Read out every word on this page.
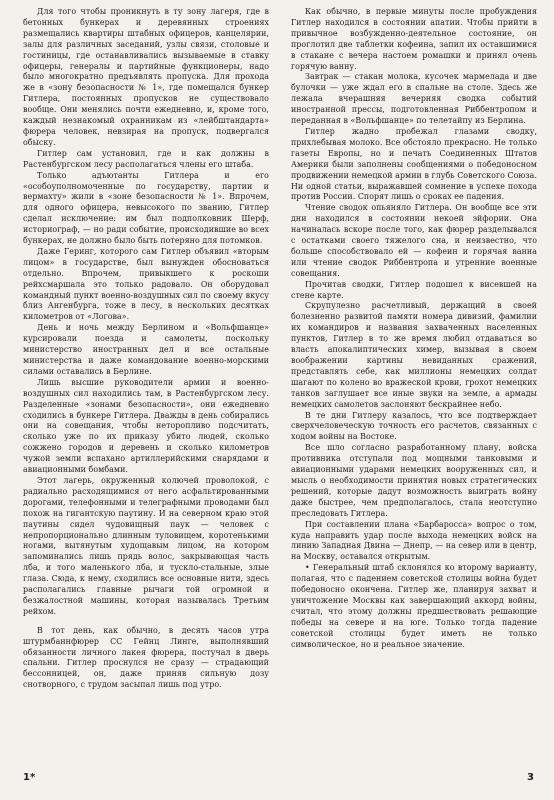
Для того чтобы проникнуть в ту зону лагеря, где в бетонных бункерах и деревянных строениях размещались квартиры штабных офицеров, канцелярии, залы для различных заседаний, узлы связи, столовые и гостиницы, где останавливались вызываемые в ставку офицеры, генералы и партийные функционеры, надо было многократно предъявлять пропуска. Для прохода же в «зону безопасности № 1», где помещался бункер Гитлера, постоянных пропусков не существовало вообще. Они менялись почти ежедневно, и, кроме того, каждый незнакомый охранникам из «лейбштандарта» фюрера человек, невзирая на пропуск, подвергался обыску.

Гитлер сам установил, где и как должны в Растенбургском лесу располагаться члены его штаба.

Только адъютанты Гитлера и его «особоуполномоченные по государству, партии и вермахту» жили в «зоне безопасности № 1». Впрочем, для одного офицера, невысокого по званию, Гитлер сделал исключение: им был подполковник Шерф, историограф, — но ради событие, происходившие во всех бункерах, не должно было быть потеряно для потомков.

Даже Геринг, которого сам Гитлер объявил «вторым лицом» в государстве, был вынужден обосноваться отдельно. Впрочем, привыкшего к роскоши рейхсмаршала это только радовало. Он оборудовал командный пункт военно-воздушных сил по своему вкусу близ Ангенбурга, тоже в лесу, в нескольких десятках километров от «Логова».

День и ночь между Берлином и «Вольфшанце» курсировали поезда и самолеты, поскольку министерство иностранных дел и все остальные министерства и даже командование военно-морскими силами оставались в Берлине.

Лишь высшие руководители армии и военно-воздушных сил находились там, в Растенбургском лесу. Разделенные «зонами безопасности», они ежедневно сходились в бункере Гитлера. Дважды в день собирались они на совещания, чтобы неторопливо подсчитать, сколько уже по их приказу убито людей, сколько сожжено городов и деревень и сколько километров чужой земли вспахано артиллерийскими снарядами и авиационными бомбами.

Этот лагерь, окруженный колючей проволокой, с радиально расходящимися от него асфальтированными дорогами, телефонными и телеграфными проводами был похож на гигантскую паутину. И на северном краю этой паутины сидел чудовищный паук — человек с непропорционально длинным туловищем, коротенькими ногами, вытянутым худощавым лицом, на котором запоминались лишь прядь волос, закрывающая часть лба, и того маленького лба, и тускло-стальные, злые глаза. Сюда, к нему, сходились все основные нити, здесь располагались главные рычаги той огромной и безжалостной машины, которая называлась Третьим рейхом.

В тот день, как обычно, в десять часов утра штурмбаннфюрер СС Гейнц Линге, выполнявший обязанности личного лакея фюрера, постучал в дверь спальни. Гитлер проснулся не сразу — страдающий бессонницей, он, даже приняв сильную дозу снотворного, с трудом засыпал лишь под утро.

Как обычно, в первые минуты после пробуждения Гитлер находился в состоянии апатии. Чтобы прийти в привычное возбужденно-деятельное состояние, он проглотил две таблетки кофеина, запил их оставшимися в стакане с вечера настоем ромашки и принял очень горячую ванну.

Завтрак — стакан молока, кусочек мармелада и две булочки — уже ждал его в спальне на столе. Здесь же лежала вчерашняя вечерняя сводка событий иностранной прессы, подготовленная Риббентропом и переданная в «Вольфшанце» по телетайпу из Берлина.

Гитлер жадно пробежал глазами сводку, прихлебывая молоко. Все обстояло прекрасно. Не только газеты Европы, но и печать Соединенных Штатов Америки были заполнены сообщениями о победоносном продвижении немецкой армии в глубь Советского Союза. Ни одной статьи, выражавшей сомнение в успехе похода против России. Спорят лишь о сроках ее падения.

Чтение сводок опьяняло Гитлера. Он вообще все эти дни находился в состоянии некоей эйфории. Она начиналась вскоре после того, как фюрер разделывался с остатками своего тяжелого сна, и неизвестно, что больше способствовало ей — кофеин и горячая ванна или чтение сводок Риббентропа и утренние военные совещания.

Прочитав сводки, Гитлер подошел к висевшей на стене карте.

Скрупулезно расчетливый, держащий в своей болезненно развитой памяти номера дивизий, фамилии их командиров и названия захваченных населенных пунктов, Гитлер в то же время любил отдаваться во власть апокалиптических химер, вызывая в своем воображении картины невиданных сражений, представлять себе, как миллионы немецких солдат шагают по колено во вражеской крови, грохот немецких танков заглушает все иные звуки на земле, а армады немецких самолетов заслоняют бескрайнее небо.

В те дни Гитлеру казалось, что все подтверждает сверхчеловеческую точность его расчетов, связанных с ходом войны на Востоке.

Все шло согласно разработанному плану, войска противника отступали под мощными танковыми и авиационными ударами немецких вооруженных сил, и мысль о необходимости принятия новых стратегических решений, которые дадут возможность выиграть войну даже быстрее, чем предполагалось, стала неотступно преследовать Гитлера.

При составлении плана «Барбаросса» вопрос о том, куда направить удар после выхода немецких войск на линию Западная Двина — Днепр, — на север или в центр, на Москву, оставался открытым.

• Генеральный штаб склонялся ко второму варианту, полагая, что с падением советской столицы война будет победоносно окончена. Гитлер же, планируя захват и уничтожение Москвы как завершающий аккорд войны, считал, что этому должны предшествовать решающие победы на севере и на юге. Только тогда падение советской столицы будет иметь не только символическое, но и реальное значение.

1*	3
